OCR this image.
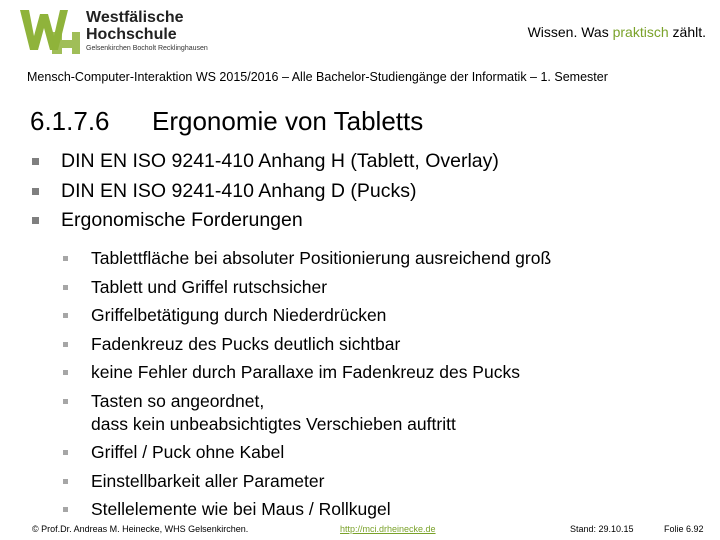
Westfälische
Hochschule
Gelsenkirchen Bocholt Recklinghausen
Wissen. Was praktisch zählt.
Mensch-Computer-Interaktion WS 2015/2016 – Alle Bachelor-Studiengänge der Informatik – 1. Semester
6.1.7.6 Ergonomie von Tabletts
DIN EN ISO 9241-410 Anhang H (Tablett, Overlay)
DIN EN ISO 9241-410 Anhang D (Pucks)
Ergonomische Forderungen
Tablettfläche bei absoluter Positionierung ausreichend groß
Tablett und Griffel rutschsicher
Griffelbetätigung durch Niederdrücken
Fadenkreuz des Pucks deutlich sichtbar
keine Fehler durch Parallaxe im Fadenkreuz des Pucks
Tasten so angeordnet,
dass kein unbeabsichtigtes Verschieben auftritt
Griffel / Puck ohne Kabel
Einstellbarkeit aller Parameter
Stellelemente wie bei Maus / Rollkugel
© Prof.Dr. Andreas M. Heinecke, WHS Gelsenkirchen.	http://mci.drheinecke.de	Stand: 29.10.15	Folie 6.92
